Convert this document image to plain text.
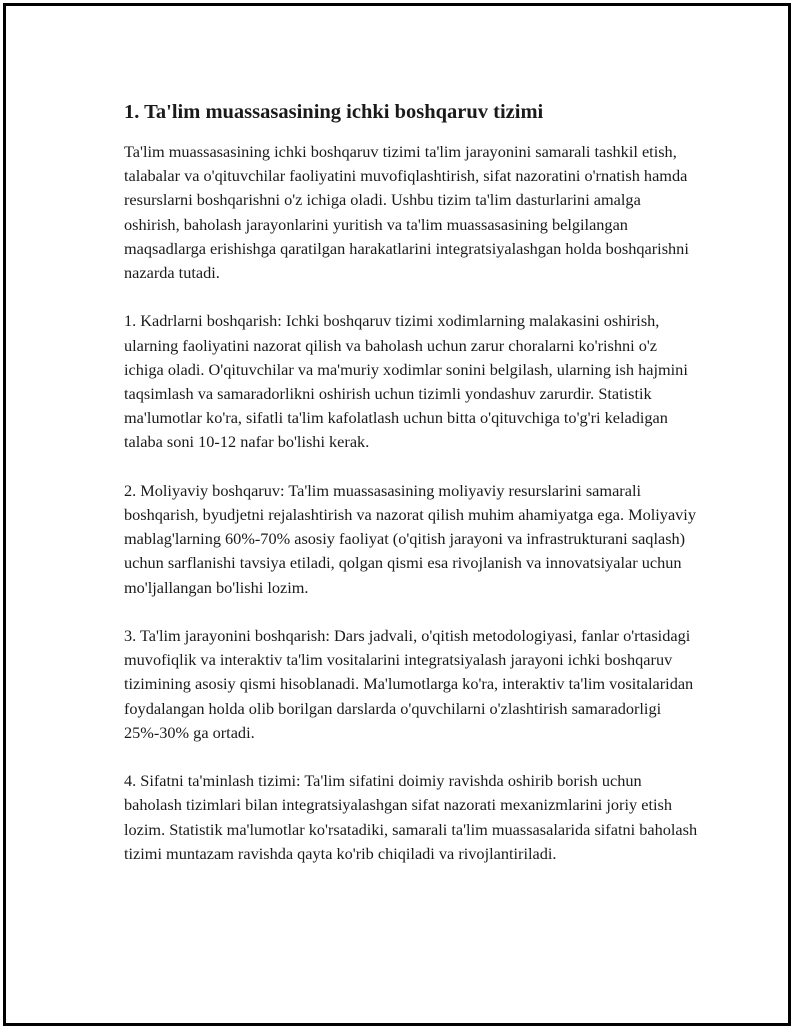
1. Ta'lim muassasasining ichki boshqaruv tizimi

Ta'lim muassasasining ichki boshqaruv tizimi ta'lim jarayonini samarali tashkil etish, talabalar va o'qituvchilar faoliyatini muvofiqlashtirish, sifat nazoratini o'rnatish hamda resurslarni boshqarishni o'z ichiga oladi. Ushbu tizim ta'lim dasturlarini amalga oshirish, baholash jarayonlarini yuritish va ta'lim muassasasining belgilangan maqsadlarga erishishga qaratilgan harakatlarini integratsiyalashgan holda boshqarishni nazarda tutadi.

1. Kadrlarni boshqarish: Ichki boshqaruv tizimi xodimlarning malakasini oshirish, ularning faoliyatini nazorat qilish va baholash uchun zarur choralarni ko'rishni o'z ichiga oladi. O'qituvchilar va ma'muriy xodimlar sonini belgilash, ularning ish hajmini taqsimlash va samaradorlikni oshirish uchun tizimli yondashuv zarurdir. Statistik ma'lumotlar ko'ra, sifatli ta'lim kafolatlash uchun bitta o'qituvchiga to'g'ri keladigan talaba soni 10-12 nafar bo'lishi kerak.

2. Moliyaviy boshqaruv: Ta'lim muassasasining moliyaviy resurslarini samarali boshqarish, byudjetni rejalashtirish va nazorat qilish muhim ahamiyatga ega. Moliyaviy mablag'larning 60%-70% asosiy faoliyat (o'qitish jarayoni va infrastrukturani saqlash) uchun sarflanishi tavsiya etiladi, qolgan qismi esa rivojlanish va innovatsiyalar uchun mo'ljallangan bo'lishi lozim.

3. Ta'lim jarayonini boshqarish: Dars jadvali, o'qitish metodologiyasi, fanlar o'rtasidagi muvofiqlik va interaktiv ta'lim vositalarini integratsiyalash jarayoni ichki boshqaruv tizimining asosiy qismi hisoblanadi. Ma'lumotlarga ko'ra, interaktiv ta'lim vositalaridan foydalangan holda olib borilgan darslarda o'quvchilarni o'zlashtirish samaradorligi 25%-30% ga ortadi.

4. Sifatni ta'minlash tizimi: Ta'lim sifatini doimiy ravishda oshirib borish uchun baholash tizimlari bilan integratsiyalashgan sifat nazorati mexanizmlarini joriy etish lozim. Statistik ma'lumotlar ko'rsatadiki, samarali ta'lim muassasalarida sifatni baholash tizimi muntazam ravishda qayta ko'rib chiqiladi va rivojlantiriladi.
